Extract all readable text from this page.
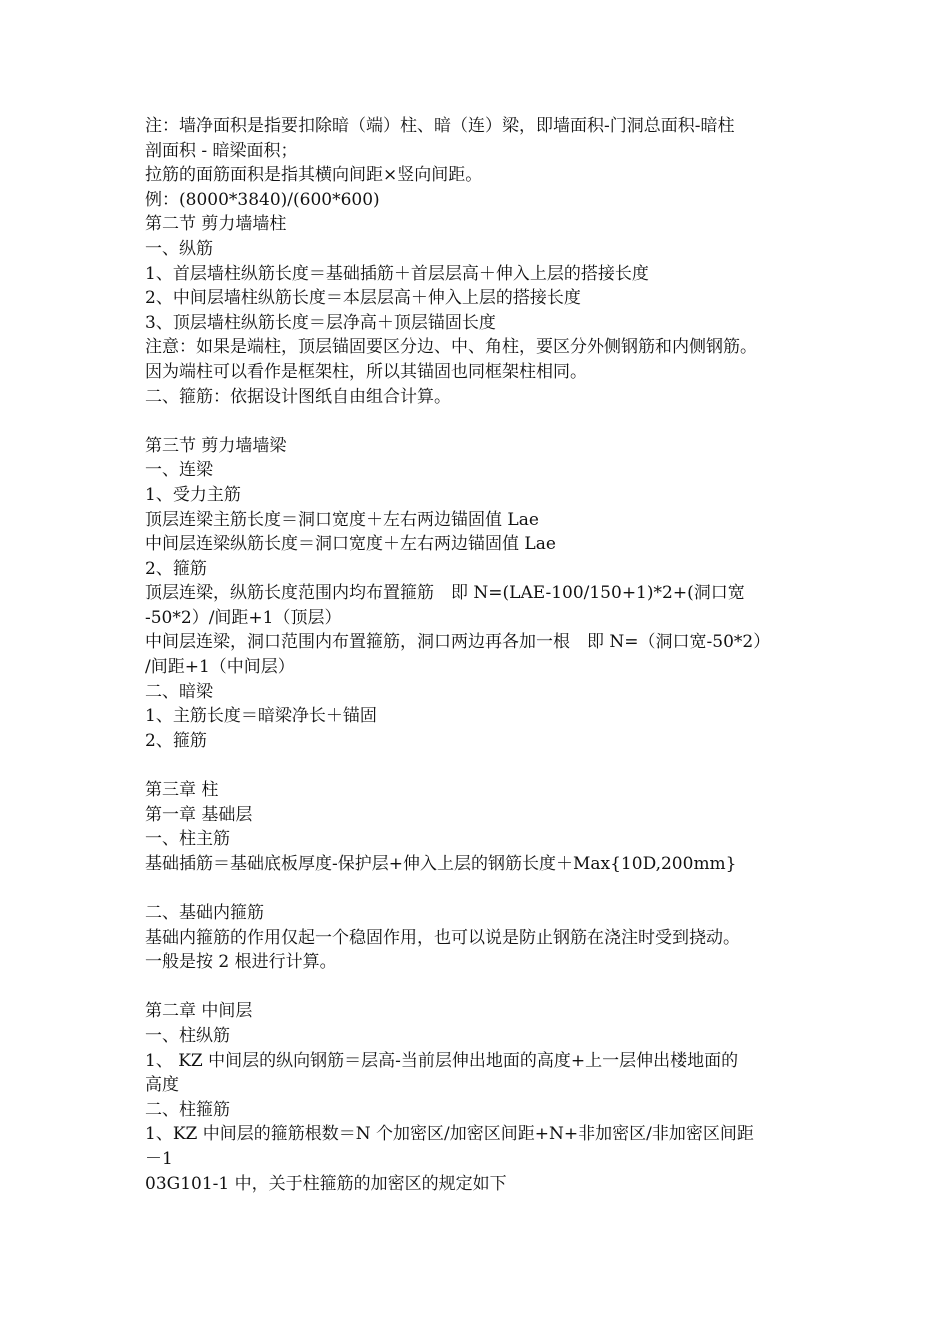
注：墙净面积是指要扣除暗（端）柱、暗（连）梁，即墙面积-门洞总面积-暗柱
剖面积 - 暗梁面积；
拉筋的面筋面积是指其横向间距×竖向间距。
例：(8000*3840)/(600*600)
第二节 剪力墙墙柱
一、纵筋
1、首层墙柱纵筋长度＝基础插筋＋首层层高＋伸入上层的搭接长度
2、中间层墙柱纵筋长度＝本层层高＋伸入上层的搭接长度
3、顶层墙柱纵筋长度＝层净高＋顶层锚固长度
注意：如果是端柱，顶层锚固要区分边、中、角柱，要区分外侧钢筋和内侧钢筋。
因为端柱可以看作是框架柱，所以其锚固也同框架柱相同。
二、箍筋：依据设计图纸自由组合计算。
第三节 剪力墙墙梁
一、连梁
1、受力主筋
顶层连梁主筋长度＝洞口宽度＋左右两边锚固值 Lae
中间层连梁纵筋长度＝洞口宽度＋左右两边锚固值 Lae
2、箍筋
顶层连梁，纵筋长度范围内均布置箍筋　即 N=(LAE-100/150+1)*2+(洞口宽
-50*2）/间距+1（顶层）
中间层连梁，洞口范围内布置箍筋，洞口两边再各加一根　即 N=（洞口宽-50*2）
/间距+1（中间层）
二、暗梁
1、主筋长度＝暗梁净长＋锚固
2、箍筋
第三章 柱
第一章 基础层
一、柱主筋
基础插筋＝基础底板厚度-保护层+伸入上层的钢筋长度＋Max{10D,200mm}
二、基础内箍筋
基础内箍筋的作用仅起一个稳固作用，也可以说是防止钢筋在浇注时受到挠动。
一般是按 2 根进行计算。
第二章 中间层
一、柱纵筋
1、 KZ 中间层的纵向钢筋＝层高-当前层伸出地面的高度+上一层伸出楼地面的
高度
二、柱箍筋
1、KZ 中间层的箍筋根数＝N 个加密区/加密区间距+N+非加密区/非加密区间距
－1
03G101-1 中，关于柱箍筋的加密区的规定如下
